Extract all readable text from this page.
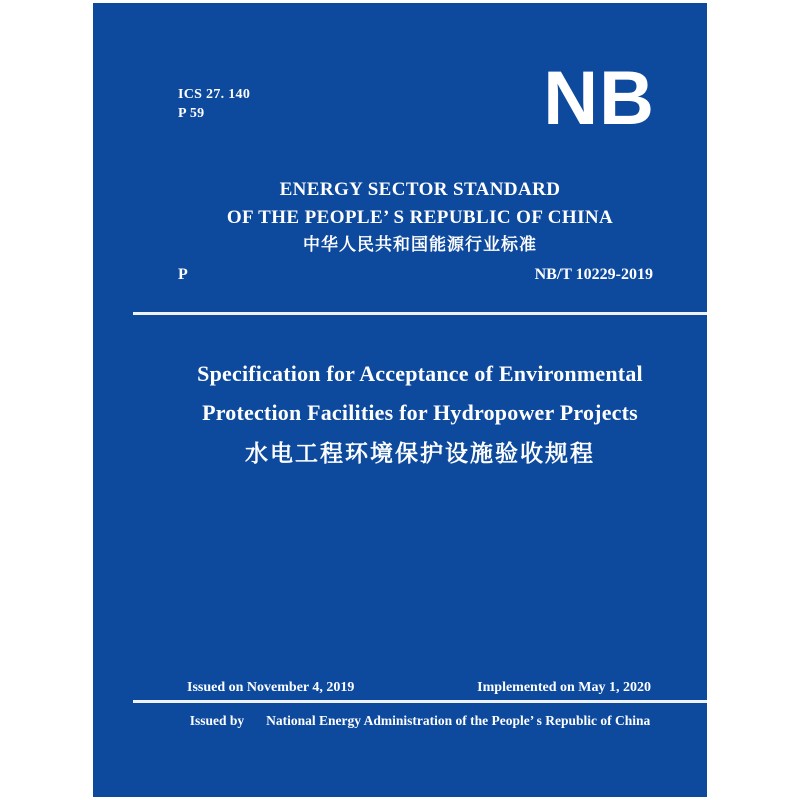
ICS 27. 140
P 59	NB
ENERGY SECTOR STANDARD
OF THE PEOPLE’ S REPUBLIC OF CHINA
中华人民共和国能源行业标准
P	NB/T 10229-2019
Specification for Acceptance of Environmental
Protection Facilities for Hydropower Projects
水电工程环境保护设施验收规程
Issued on November 4, 2019	Implemented on May 1, 2020
Issued by National Energy Administration of the People’ s Republic of China
